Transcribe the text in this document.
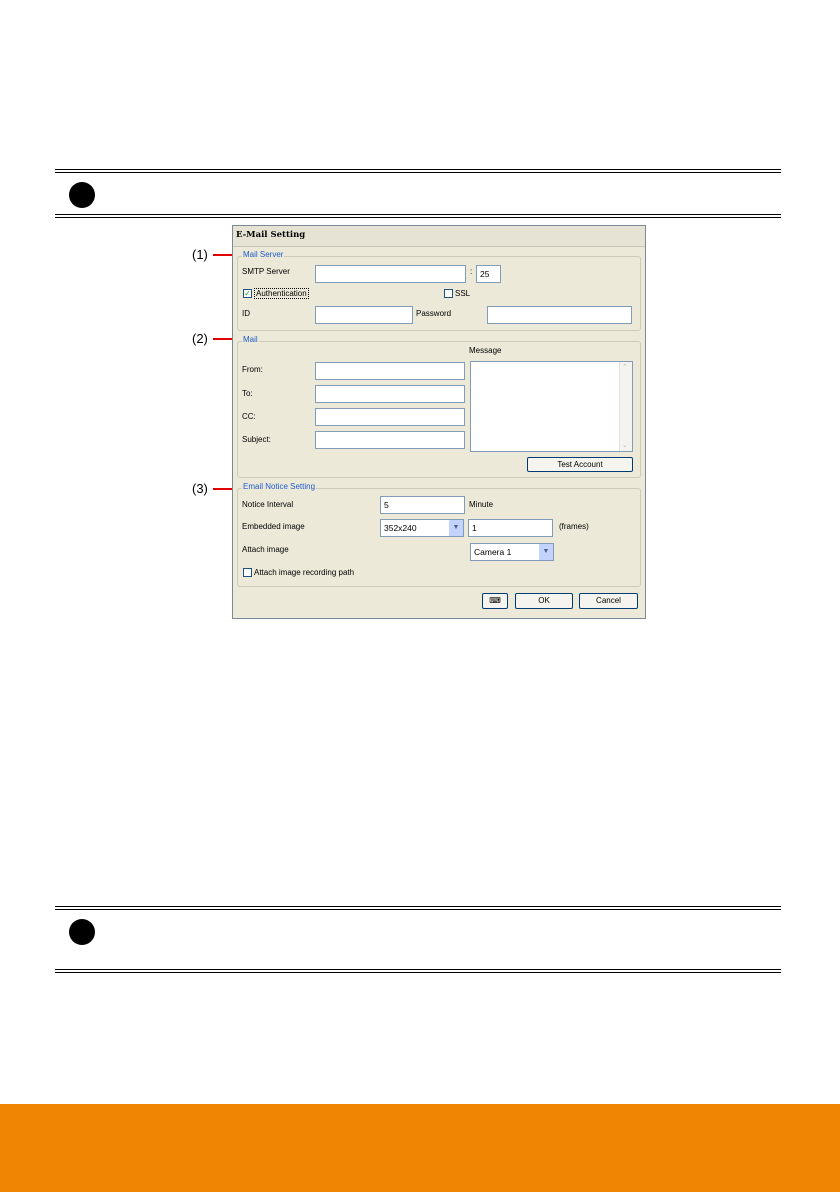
(1)
(2)
(3)
E-Mail Setting
Mail Server
SMTP Server	: 25
✓ Authentication	SSL
ID	Password
Mail
Message
From:
To:
CC:
Subject:
⌃
⌄
Test Account
Email Notice Setting
Notice Interval	5	Minute
Embedded image	352x240	▼	1	(frames)
Attach image	Camera 1	▼
Attach image recording path
⌨	OK	Cancel
